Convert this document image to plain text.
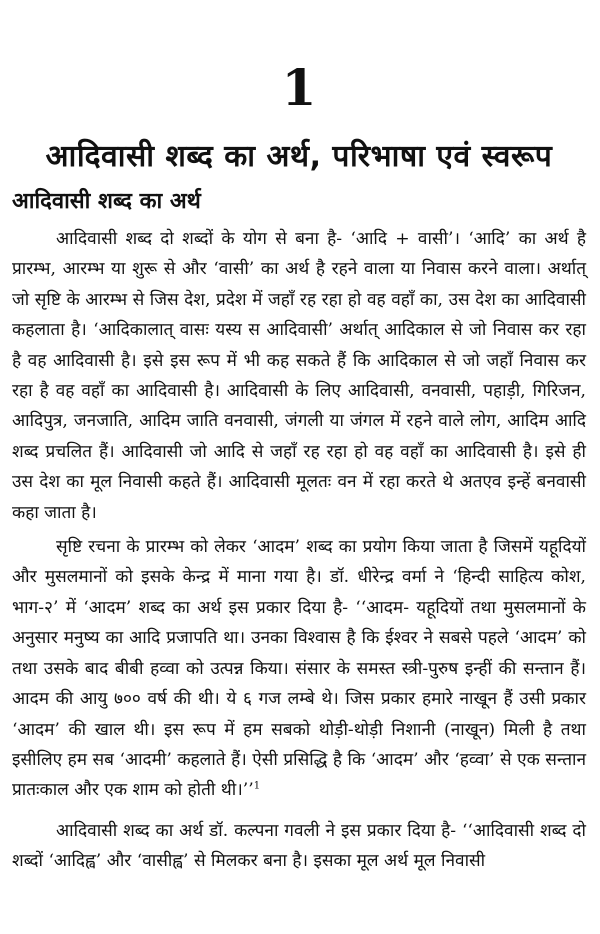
1
आदिवासी शब्द का अर्थ, परिभाषा एवं स्वरूप
आदिवासी शब्द का अर्थ

आदिवासी शब्द दो शब्दों के योग से बना है- ‘आदि + वासी’। ‘आदि’ का अर्थ है प्रारम्भ, आरम्भ या शुरू से और ‘वासी’ का अर्थ है रहने वाला या निवास करने वाला। अर्थात् जो सृष्टि के आरम्भ से जिस देश, प्रदेश में जहाँ रह रहा हो वह वहाँ का, उस देश का आदिवासी कहलाता है। ‘आदिकालात् वासः यस्य स आदिवासी’ अर्थात् आदिकाल से जो निवास कर रहा है वह आदिवासी है। इसे इस रूप में भी कह सकते हैं कि आदिकाल से जो जहाँ निवास कर रहा है वह वहाँ का आदिवासी है। आदिवासी के लिए आदिवासी, वनवासी, पहाड़ी, गिरिजन, आदिपुत्र, जनजाति, आदिम जाति वनवासी, जंगली या जंगल में रहने वाले लोग, आदिम आदि शब्द प्रचलित हैं। आदिवासी जो आदि से जहाँ रह रहा हो वह वहाँ का आदिवासी है। इसे ही उस देश का मूल निवासी कहते हैं। आदिवासी मूलतः वन में रहा करते थे अतएव इन्हें बनवासी कहा जाता है।

सृष्टि रचना के प्रारम्भ को लेकर ‘आदम’ शब्द का प्रयोग किया जाता है जिसमें यहूदियों और मुसलमानों को इसके केन्द्र में माना गया है। डॉ. धीरेन्द्र वर्मा ने ‘हिन्दी साहित्य कोश, भाग-२’ में ‘आदम’ शब्द का अर्थ इस प्रकार दिया है- ‘‘आदम- यहूदियों तथा मुसलमानों के अनुसार मनुष्य का आदि प्रजापति था। उनका विश्वास है कि ईश्वर ने सबसे पहले ‘आदम’ को तथा उसके बाद बीबी हव्वा को उत्पन्न किया। संसार के समस्त स्त्री-पुरुष इन्हीं की सन्तान हैं। आदम की आयु ७०० वर्ष की थी। ये ६ गज लम्बे थे। जिस प्रकार हमारे नाखून हैं उसी प्रकार ‘आदम’ की खाल थी। इस रूप में हम सबको थोड़ी-थोड़ी निशानी (नाखून) मिली है तथा इसीलिए हम सब ‘आदमी’ कहलाते हैं। ऐसी प्रसिद्धि है कि ‘आदम’ और ‘हव्वा’ से एक सन्तान प्रातःकाल और एक शाम को होती थी।’’$^1$

आदिवासी शब्द का अर्थ डॉ. कल्पना गवली ने इस प्रकार दिया है- ‘‘आदिवासी शब्द दो शब्दों ‘आदिह्व’ और ‘वासीह्व’ से मिलकर बना है। इसका मूल अर्थ मूल निवासी
